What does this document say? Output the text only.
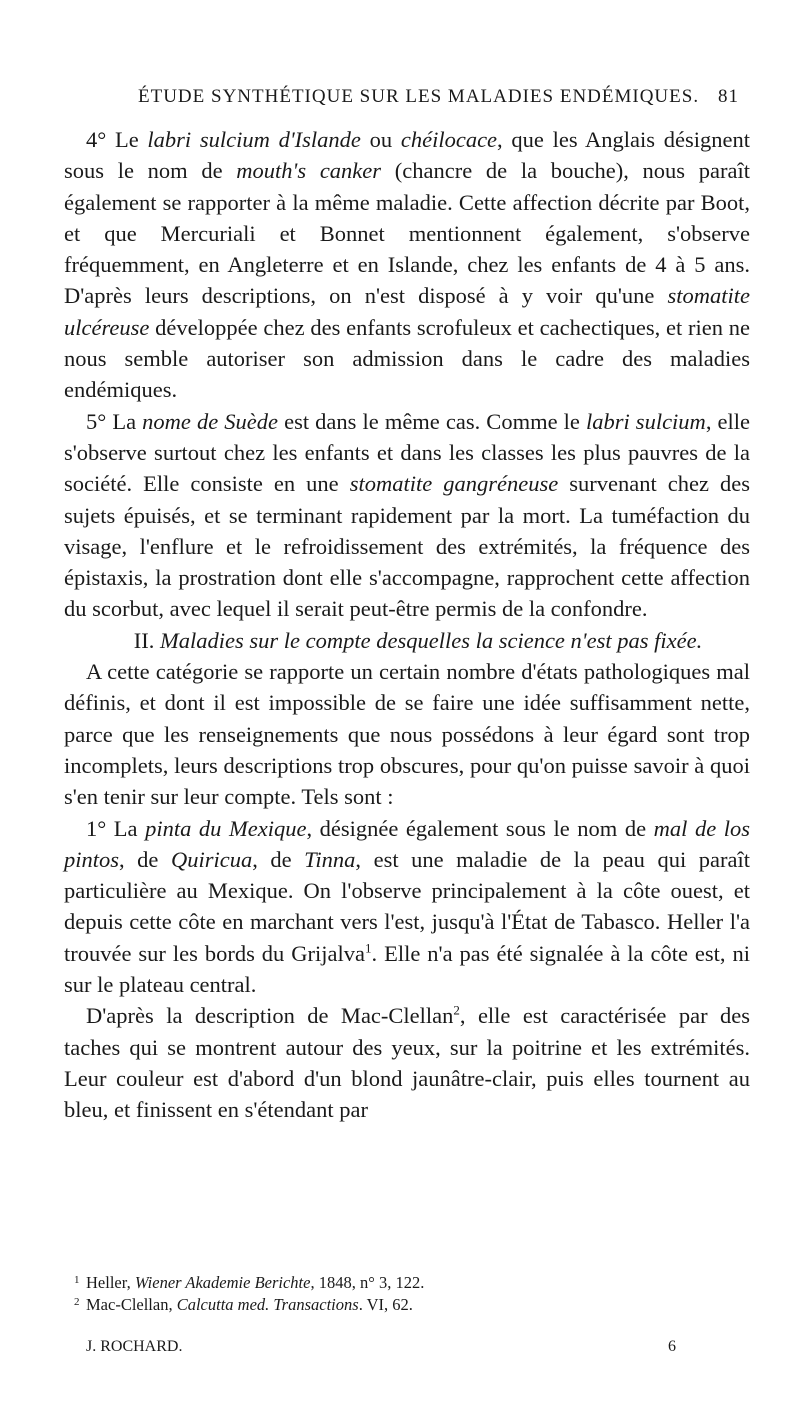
ÉTUDE SYNTHÉTIQUE SUR LES MALADIES ENDÉMIQUES. 81

4° Le labri sulcium d'Islande ou chéilocace, que les Anglais désignent sous le nom de mouth's canker (chancre de la bouche), nous paraît également se rapporter à la même maladie. Cette affection décrite par Boot, et que Mercuriali et Bonnet mentionnent également, s'observe fréquemment, en Angleterre et en Islande, chez les enfants de 4 à 5 ans. D'après leurs descriptions, on n'est disposé à y voir qu'une stomatite ulcéreuse développée chez des enfants scrofuleux et cachectiques, et rien ne nous semble autoriser son admission dans le cadre des maladies endémiques.

5° La nome de Suède est dans le même cas. Comme le labri sulcium, elle s'observe surtout chez les enfants et dans les classes les plus pauvres de la société. Elle consiste en une stomatite gangréneuse survenant chez des sujets épuisés, et se terminant rapidement par la mort. La tuméfaction du visage, l'enflure et le refroidissement des extrémités, la fréquence des épistaxis, la prostration dont elle s'accompagne, rapprochent cette affection du scorbut, avec lequel il serait peut-être permis de la confondre.

II. Maladies sur le compte desquelles la science n'est pas fixée.

A cette catégorie se rapporte un certain nombre d'états pathologiques mal définis, et dont il est impossible de se faire une idée suffisamment nette, parce que les renseignements que nous possédons à leur égard sont trop incomplets, leurs descriptions trop obscures, pour qu'on puisse savoir à quoi s'en tenir sur leur compte. Tels sont :

1° La pinta du Mexique, désignée également sous le nom de mal de los pintos, de Quiricua, de Tinna, est une maladie de la peau qui paraît particulière au Mexique. On l'observe principalement à la côte ouest, et depuis cette côte en marchant vers l'est, jusqu'à l'État de Tabasco. Heller l'a trouvée sur les bords du Grijalva$^1$. Elle n'a pas été signalée à la côte est, ni sur le plateau central.

D'après la description de Mac-Clellan$^2$, elle est caractérisée par des taches qui se montrent autour des yeux, sur la poitrine et les extrémités. Leur couleur est d'abord d'un blond jaunâtre-clair, puis elles tournent au bleu, et finissent en s'étendant par

1 Heller, Wiener Akademie Berichte, 1848, n° 3, 122.
2 Mac-Clellan, Calcutta med. Transactions. VI, 62.
J. ROCHARD.	6
